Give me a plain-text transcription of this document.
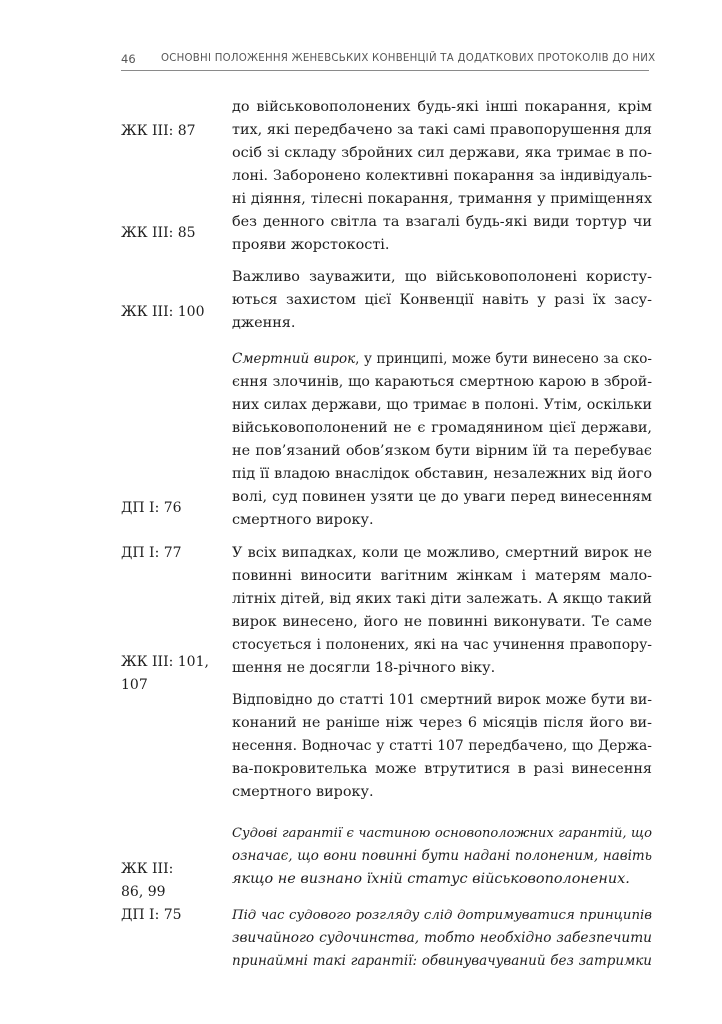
46 ОСНОВНІ ПОЛОЖЕННЯ ЖЕНЕВСЬКИХ КОНВЕНЦІЙ ТА ДОДАТКОВИХ ПРОТОКОЛІВ ДО НИХ
ЖК III: 87
ЖК III: 85
ЖК III: 100
ДП I: 76
ДП I: 77
ЖК III: 101,
107
ЖК III:
86, 99
ДП I: 75
до військовополонених будь-які інші покарання, крім
тих, які передбачено за такі самі правопорушення для
осіб зі складу збройних сил держави, яка тримає в по-
лоні. Заборонено колективні покарання за індивідуаль-
ні діяння, тілесні покарання, тримання у приміщеннях
без денного світла та взагалі будь-які види тортур чи
прояви жорстокості.
Важливо зауважити, що військовополонені користу-
ються захистом цієї Конвенції навіть у разі їх засу-
дження.
Смертний вирок, у принципі, може бути винесено за ско-
єння злочинів, що караються смертною карою в зброй-
них силах держави, що тримає в полоні. Утім, оскільки
військовополонений не є громадянином цієї держави,
не пов’язаний обов’язком бути вірним їй та перебуває
під її владою внаслідок обставин, незалежних від його
волі, суд повинен узяти це до уваги перед винесенням
смертного вироку.
У всіх випадках, коли це можливо, смертний вирок не
повинні виносити вагітним жінкам і матерям мало-
літніх дітей, від яких такі діти залежать. А якщо такий
вирок винесено, його не повинні виконувати. Те саме
стосується і полонених, які на час учинення правопору-
шення не досягли 18-річного віку.
Відповідно до статті 101 смертний вирок може бути ви-
конаний не раніше ніж через 6 місяців після його ви-
несення. Водночас у статті 107 передбачено, що Держа-
ва-покровителька може втрутитися в разі винесення
смертного вироку.
Судові гарантії є частиною основоположних гарантій, що
означає, що вони повинні бути надані полоненим, навіть
якщо не визнано їхній статус військовополонених.
Під час судового розгляду слід дотримуватися принципів
звичайного судочинства, тобто необхідно забезпечити
принаймні такі гарантії: обвинувачуваний без затримки
